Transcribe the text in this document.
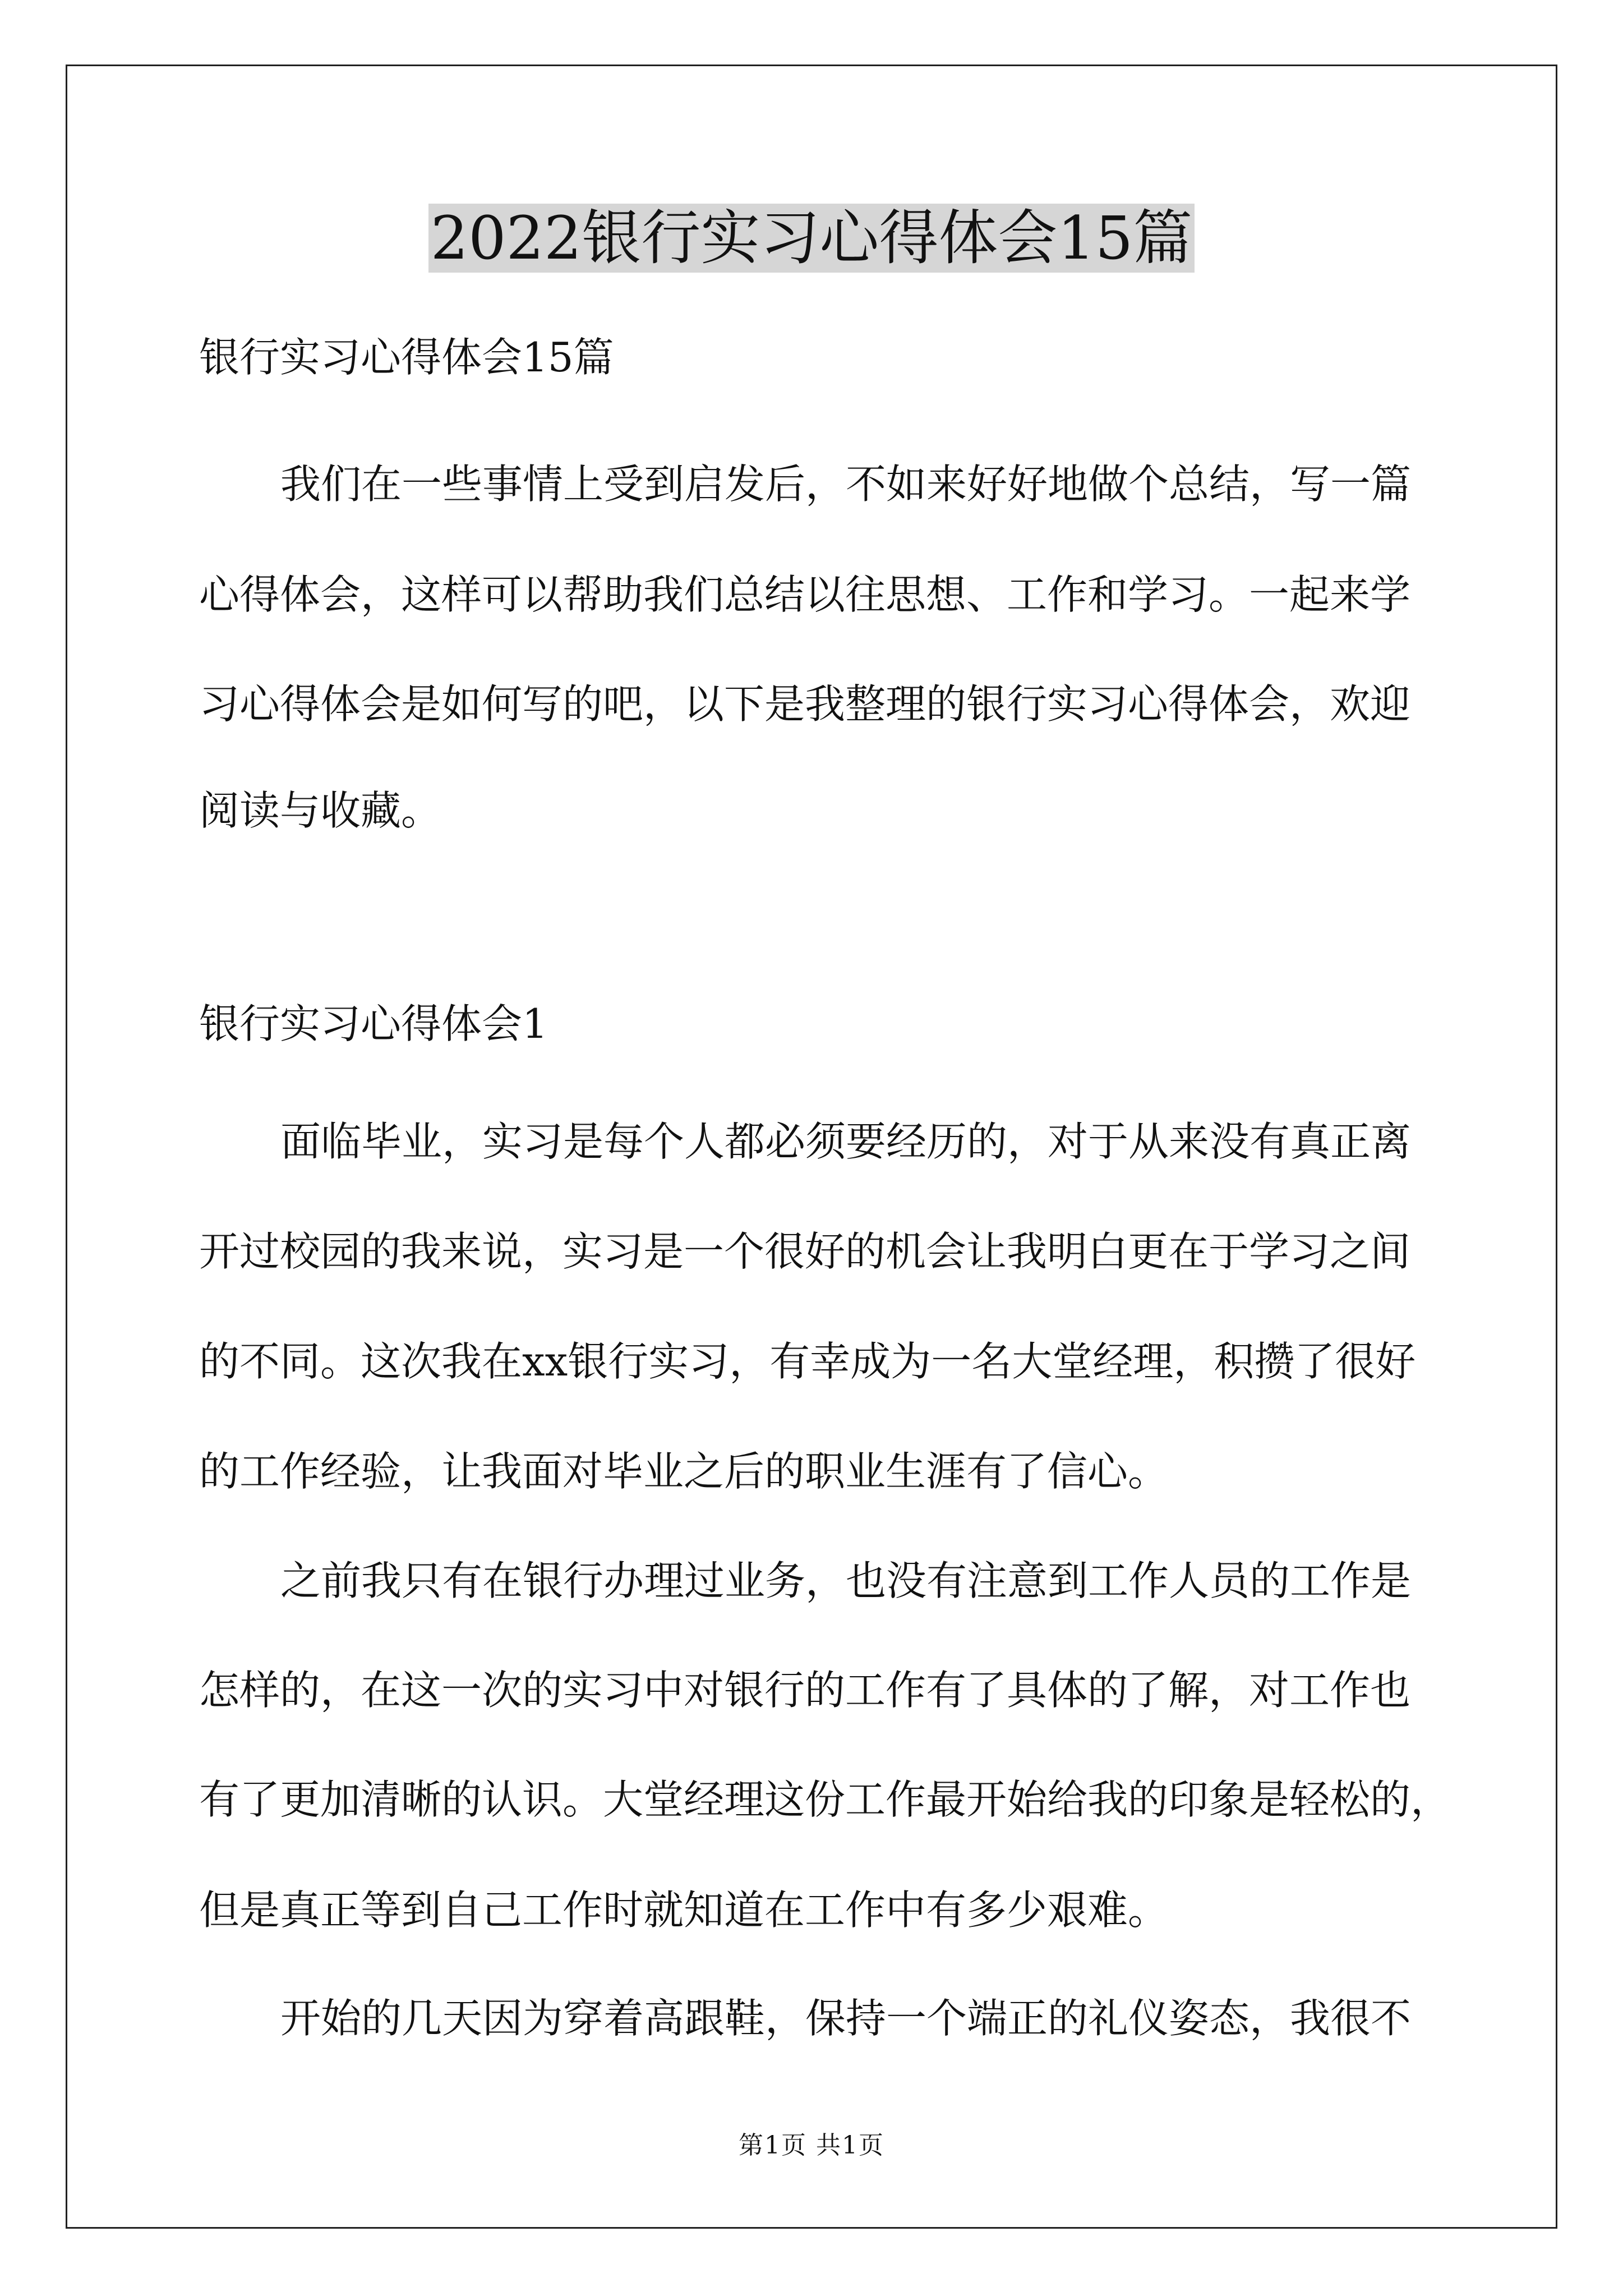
2022银行实习心得体会15篇

银行实习心得体会15篇

我们在一些事情上受到启发后，不如来好好地做个总结，写一篇

心得体会，这样可以帮助我们总结以往思想、工作和学习。一起来学

习心得体会是如何写的吧，以下是我整理的银行实习心得体会，欢迎

阅读与收藏。

银行实习心得体会1

面临毕业，实习是每个人都必须要经历的，对于从来没有真正离

开过校园的我来说，实习是一个很好的机会让我明白更在于学习之间

的不同。这次我在xx银行实习，有幸成为一名大堂经理，积攒了很好

的工作经验，让我面对毕业之后的职业生涯有了信心。

之前我只有在银行办理过业务，也没有注意到工作人员的工作是

怎样的，在这一次的实习中对银行的工作有了具体的了解，对工作也

有了更加清晰的认识。大堂经理这份工作最开始给我的印象是轻松的，

但是真正等到自己工作时就知道在工作中有多少艰难。

开始的几天因为穿着高跟鞋，保持一个端正的礼仪姿态，我很不

第1页 共1页
